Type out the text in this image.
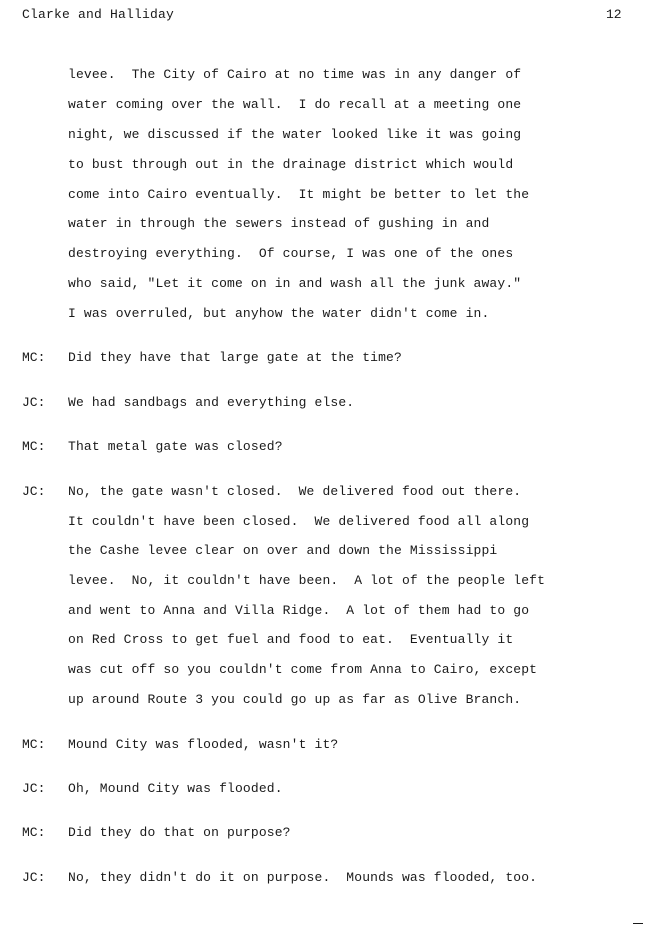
Clarke and Halliday	12
levee.  The City of Cairo at no time was in any danger of
water coming over the wall.  I do recall at a meeting one
night, we discussed if the water looked like it was going
to bust through out in the drainage district which would
come into Cairo eventually.  It might be better to let the
water in through the sewers instead of gushing in and
destroying everything.  Of course, I was one of the ones
who said, "Let it come on in and wash all the junk away."
I was overruled, but anyhow the water didn't come in.
MC: Did they have that large gate at the time?
JC: We had sandbags and everything else.
MC: That metal gate was closed?
JC: No, the gate wasn't closed.  We delivered food out there.
It couldn't have been closed.  We delivered food all along
the Cashe levee clear on over and down the Mississippi
levee.  No, it couldn't have been.  A lot of the people left
and went to Anna and Villa Ridge.  A lot of them had to go
on Red Cross to get fuel and food to eat.  Eventually it
was cut off so you couldn't come from Anna to Cairo, except
up around Route 3 you could go up as far as Olive Branch.
MC: Mound City was flooded, wasn't it?
JC: Oh, Mound City was flooded.
MC: Did they do that on purpose?
JC: No, they didn't do it on purpose.  Mounds was flooded, too.
